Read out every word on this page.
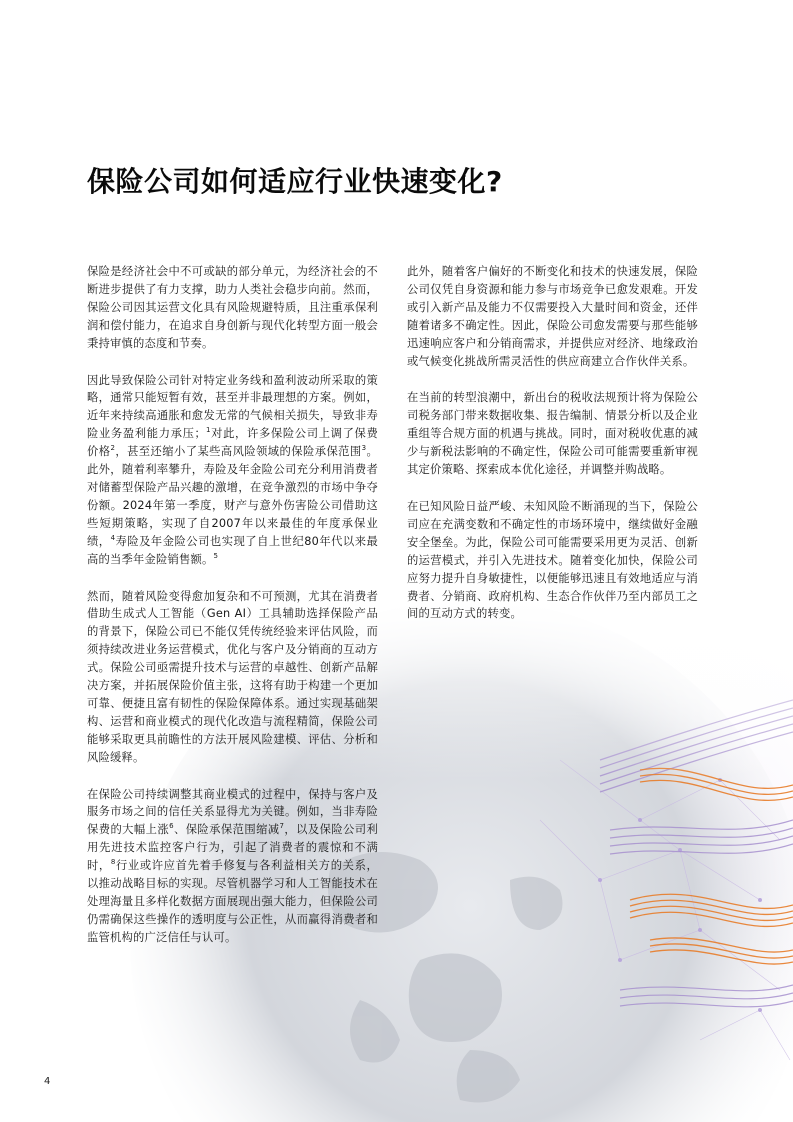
保险公司如何适应行业快速变化?

保险是经济社会中不可或缺的部分单元，为经济社会的不断进步提供了有力支撑，助力人类社会稳步向前。然而，保险公司因其运营文化具有风险规避特质，且注重承保利润和偿付能力，在追求自身创新与现代化转型方面一般会秉持审慎的态度和节奏。

因此导致保险公司针对特定业务线和盈利波动所采取的策略，通常只能短暂有效，甚至并非最理想的方案。例如，近年来持续高通胀和愈发无常的气候相关损失，导致非寿险业务盈利能力承压；$^1$对此，许多保险公司上调了保费价格$^2$，甚至还缩小了某些高风险领域的保险承保范围$^3$。此外，随着利率攀升，寿险及年金险公司充分利用消费者对储蓄型保险产品兴趣的激增，在竞争激烈的市场中争夺份额。2024年第一季度，财产与意外伤害险公司借助这些短期策略，实现了自2007年以来最佳的年度承保业绩，$^4$寿险及年金险公司也实现了自上世纪80年代以来最高的当季年金险销售额。$^5$

然而，随着风险变得愈加复杂和不可预测，尤其在消费者借助生成式人工智能（Gen AI）工具辅助选择保险产品的背景下，保险公司已不能仅凭传统经验来评估风险，而须持续改进业务运营模式，优化与客户及分销商的互动方式。保险公司亟需提升技术与运营的卓越性、创新产品解决方案，并拓展保险价值主张，这将有助于构建一个更加可靠、便捷且富有韧性的保险保障体系。通过实现基础架构、运营和商业模式的现代化改造与流程精简，保险公司能够采取更具前瞻性的方法开展风险建模、评估、分析和风险缓释。

在保险公司持续调整其商业模式的过程中，保持与客户及服务市场之间的信任关系显得尤为关键。例如，当非寿险保费的大幅上涨$^6$、保险承保范围缩减$^7$，以及保险公司利用先进技术监控客户行为，引起了消费者的震惊和不满时，$^8$行业或许应首先着手修复与各利益相关方的关系，以推动战略目标的实现。尽管机器学习和人工智能技术在处理海量且多样化数据方面展现出强大能力，但保险公司仍需确保这些操作的透明度与公正性，从而赢得消费者和监管机构的广泛信任与认可。

此外，随着客户偏好的不断变化和技术的快速发展，保险公司仅凭自身资源和能力参与市场竞争已愈发艰难。开发或引入新产品及能力不仅需要投入大量时间和资金，还伴随着诸多不确定性。因此，保险公司愈发需要与那些能够迅速响应客户和分销商需求，并提供应对经济、地缘政治或气候变化挑战所需灵活性的供应商建立合作伙伴关系。

在当前的转型浪潮中，新出台的税收法规预计将为保险公司税务部门带来数据收集、报告编制、情景分析以及企业重组等合规方面的机遇与挑战。同时，面对税收优惠的减少与新税法影响的不确定性，保险公司可能需要重新审视其定价策略、探索成本优化途径，并调整并购战略。

在已知风险日益严峻、未知风险不断涌现的当下，保险公司应在充满变数和不确定性的市场环境中，继续做好金融安全堡垒。为此，保险公司可能需要采用更为灵活、创新的运营模式，并引入先进技术。随着变化加快，保险公司应努力提升自身敏捷性，以便能够迅速且有效地适应与消费者、分销商、政府机构、生态合作伙伴乃至内部员工之间的互动方式的转变。

4
